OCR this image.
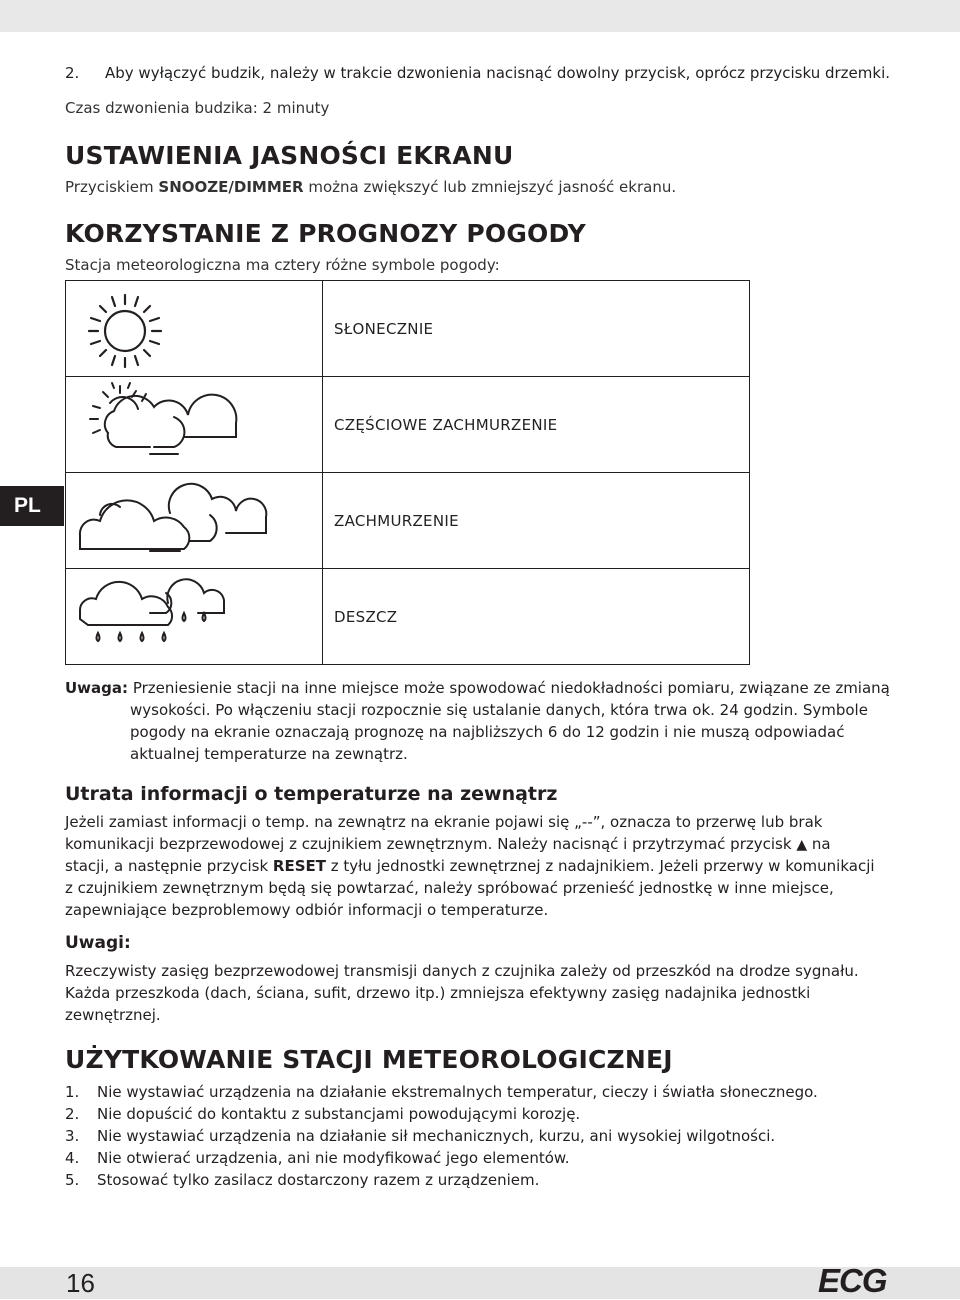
PL
2. Aby wyłączyć budzik, należy w trakcie dzwonienia nacisnąć dowolny przycisk, oprócz przycisku drzemki.
Czas dzwonienia budzika: 2 minuty
USTAWIENIA JASNOŚCI EKRANU
Przyciskiem SNOOZE/DIMMER można zwiększyć lub zmniejszyć jasność ekranu.
KORZYSTANIE Z PROGNOZY POGODY
Stacja meteorologiczna ma cztery różne symbole pogody:
SŁONECZNIE
CZĘŚCIOWE ZACHMURZENIE
ZACHMURZENIE
DESZCZ
Uwaga: Przeniesienie stacji na inne miejsce może spowodować niedokładności pomiaru, związane ze zmianą
wysokości. Po włączeniu stacji rozpocznie się ustalanie danych, która trwa ok. 24 godzin. Symbole
pogody na ekranie oznaczają prognozę na najbliższych 6 do 12 godzin i nie muszą odpowiadać
aktualnej temperaturze na zewnątrz.
Utrata informacji o temperaturze na zewnątrz
Jeżeli zamiast informacji o temp. na zewnątrz na ekranie pojawi się „--”, oznacza to przerwę lub brak
komunikacji bezprzewodowej z czujnikiem zewnętrznym. Należy nacisnąć i przytrzymać przycisk ▲ na
stacji, a następnie przycisk RESET z tyłu jednostki zewnętrznej z nadajnikiem. Jeżeli przerwy w komunikacji
z czujnikiem zewnętrznym będą się powtarzać, należy spróbować przenieść jednostkę w inne miejsce,
zapewniające bezproblemowy odbiór informacji o temperaturze.
Uwagi:
Rzeczywisty zasięg bezprzewodowej transmisji danych z czujnika zależy od przeszkód na drodze sygnału.
Każda przeszkoda (dach, ściana, sufit, drzewo itp.) zmniejsza efektywny zasięg nadajnika jednostki
zewnętrznej.
UŻYTKOWANIE STACJI METEOROLOGICZNEJ
1. Nie wystawiać urządzenia na działanie ekstremalnych temperatur, cieczy i światła słonecznego.
2. Nie dopuścić do kontaktu z substancjami powodującymi korozję.
3. Nie wystawiać urządzenia na działanie sił mechanicznych, kurzu, ani wysokiej wilgotności.
4. Nie otwierać urządzenia, ani nie modyfikować jego elementów.
5. Stosować tylko zasilacz dostarczony razem z urządzeniem.
16	ECG
